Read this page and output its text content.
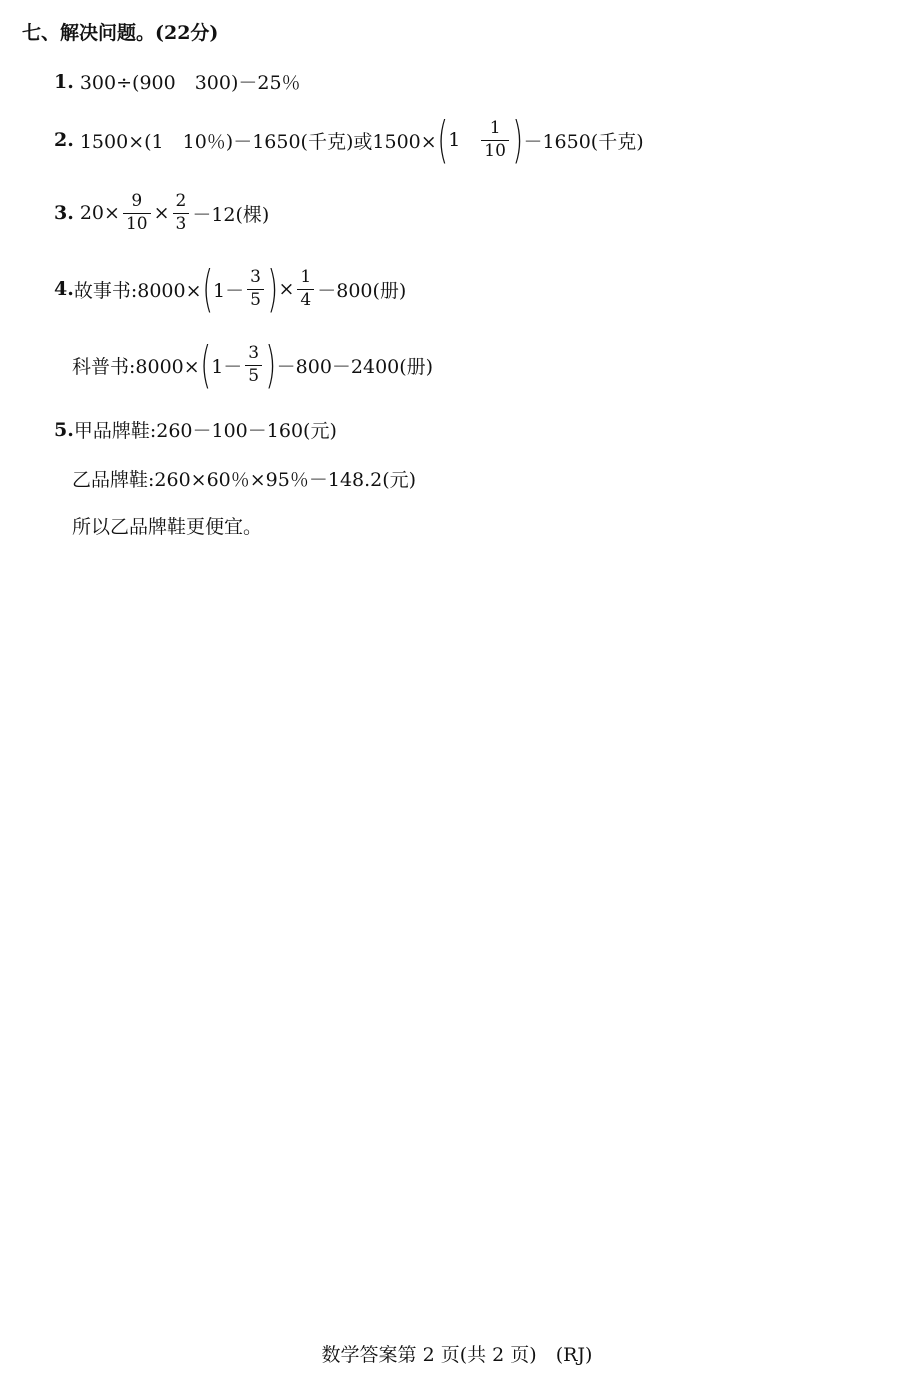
七、解决问题。(22分)
1. 300÷(900　300)－25％
2. 1500×(1　10％)－1650(千克)或1500× ( $1 \frac{1}{10}$ ) －1650(千克)
3. $20\times \frac{9}{10} \times \frac{2}{3} -12$(棵)
4. 故事书:8000× ( $1- \frac{3}{5}$ ) × $\frac{1}{4} -800$(册)
科普书:8000× ( $1- \frac{3}{5}$ ) －800－2400(册)
5. 甲品牌鞋:260－100－160(元)
乙品牌鞋:260×60％×95％－148.2(元)
所以乙品牌鞋更便宜。
数学答案第 2 页(共 2 页)　(RJ)
